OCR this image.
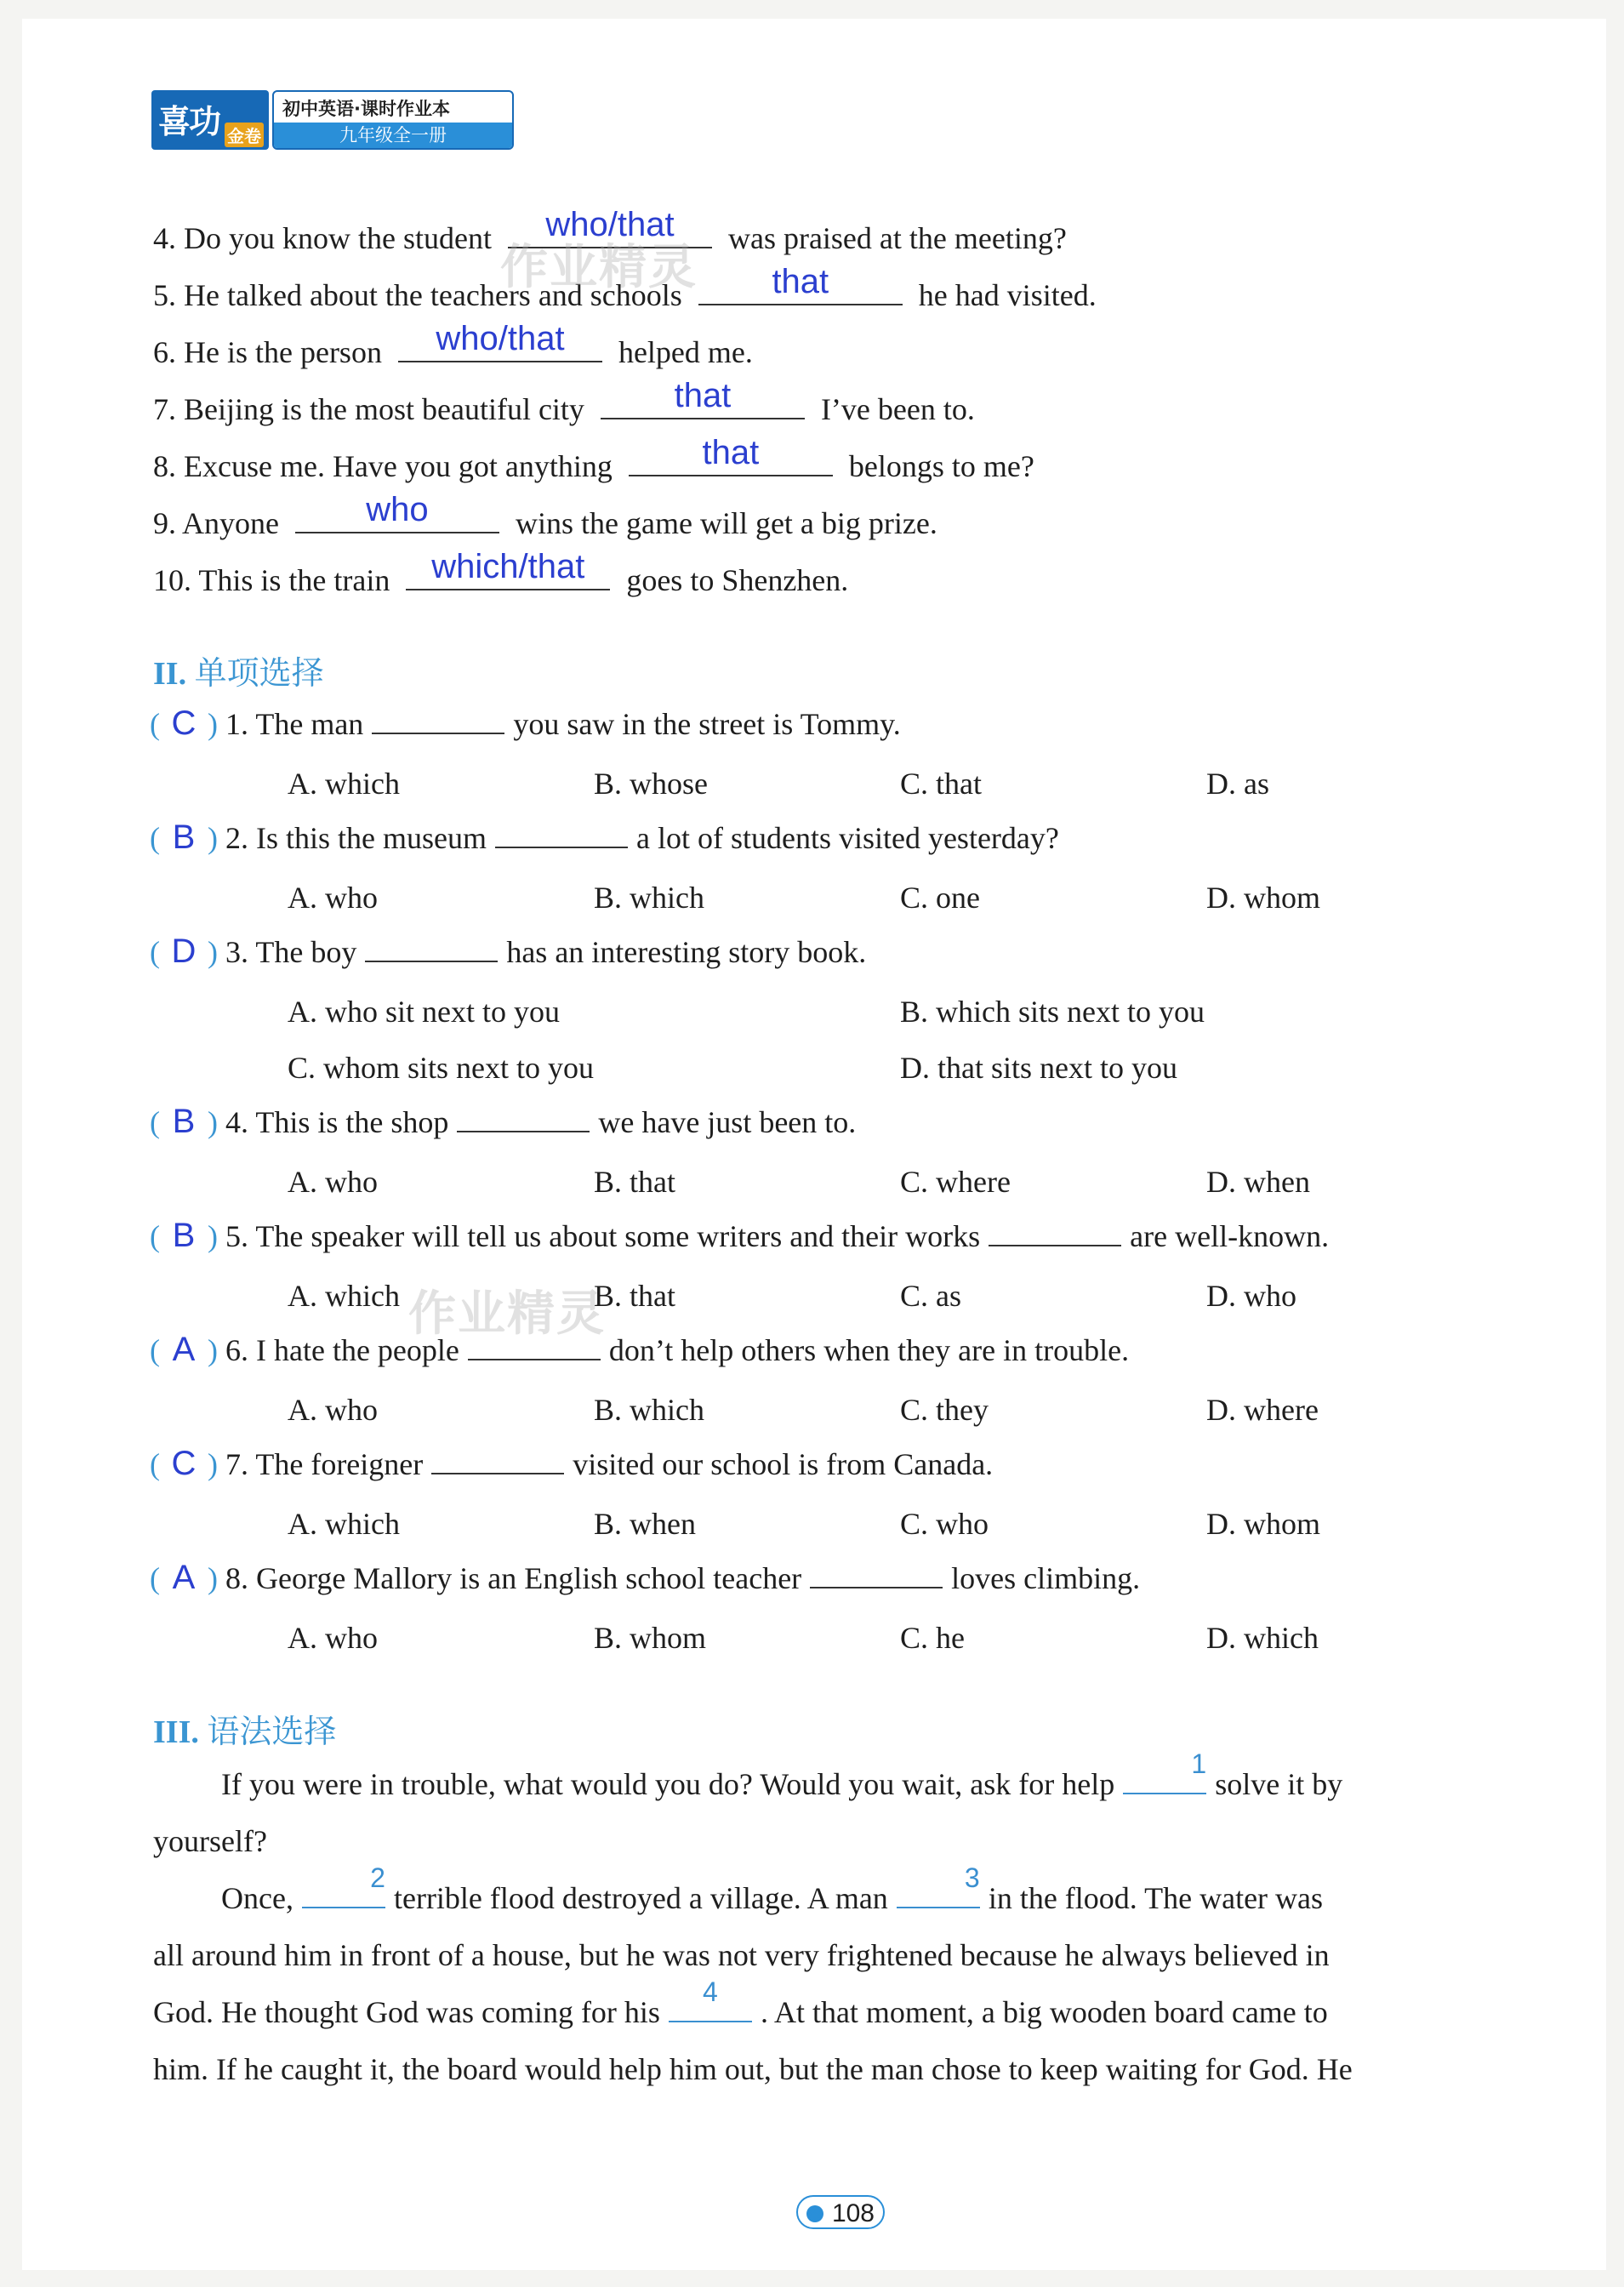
喜功 金卷
初中英语·课时作业本
九年级全一册
4. Do you know the student	who/that	was praised at the meeting?
5. He talked about the teachers and schools	that	he had visited.
6. He is the person	who/that	helped me.
7. Beijing is the most beautiful city	that	I’ve been to.
8. Excuse me. Have you got anything	that	belongs to me?
9. Anyone	who	wins the game will get a big prize.
10. This is the train	which/that	goes to Shenzhen.
II. 单项选择
( C ) 1. The man	you saw in the street is Tommy.
A. which	B. whose	C. that	D. as
( B ) 2. Is this the museum	a lot of students visited yesterday?
A. who	B. which	C. one	D. whom
( D ) 3. The boy	has an interesting story book.
A. who sit next to you	B. which sits next to you
C. whom sits next to you	D. that sits next to you
( B ) 4. This is the shop	we have just been to.
A. who	B. that	C. where	D. when
( B ) 5. The speaker will tell us about some writers and their works	are well-known.
A. which	B. that	C. as	D. who
( A ) 6. I hate the people	don’t help others when they are in trouble.
A. who	B. which	C. they	D. where
( C ) 7. The foreigner	visited our school is from Canada.
A. which	B. when	C. who	D. whom
( A ) 8. George Mallory is an English school teacher	loves climbing.
A. who	B. whom	C. he	D. which
III. 语法选择
If you were in trouble, what would you do? Would you wait, ask for help
1
solve it by
yourself?
Once,
2
terrible flood destroyed a village. A man
3
in the flood. The water was
all around him in front of a house, but he was not very frightened because he always believed in
God. He thought God was coming for his
4
. At that moment, a big wooden board came to
him. If he caught it, the board would help him out, but the man chose to keep waiting for God. He
作业精灵
作业精灵
108
